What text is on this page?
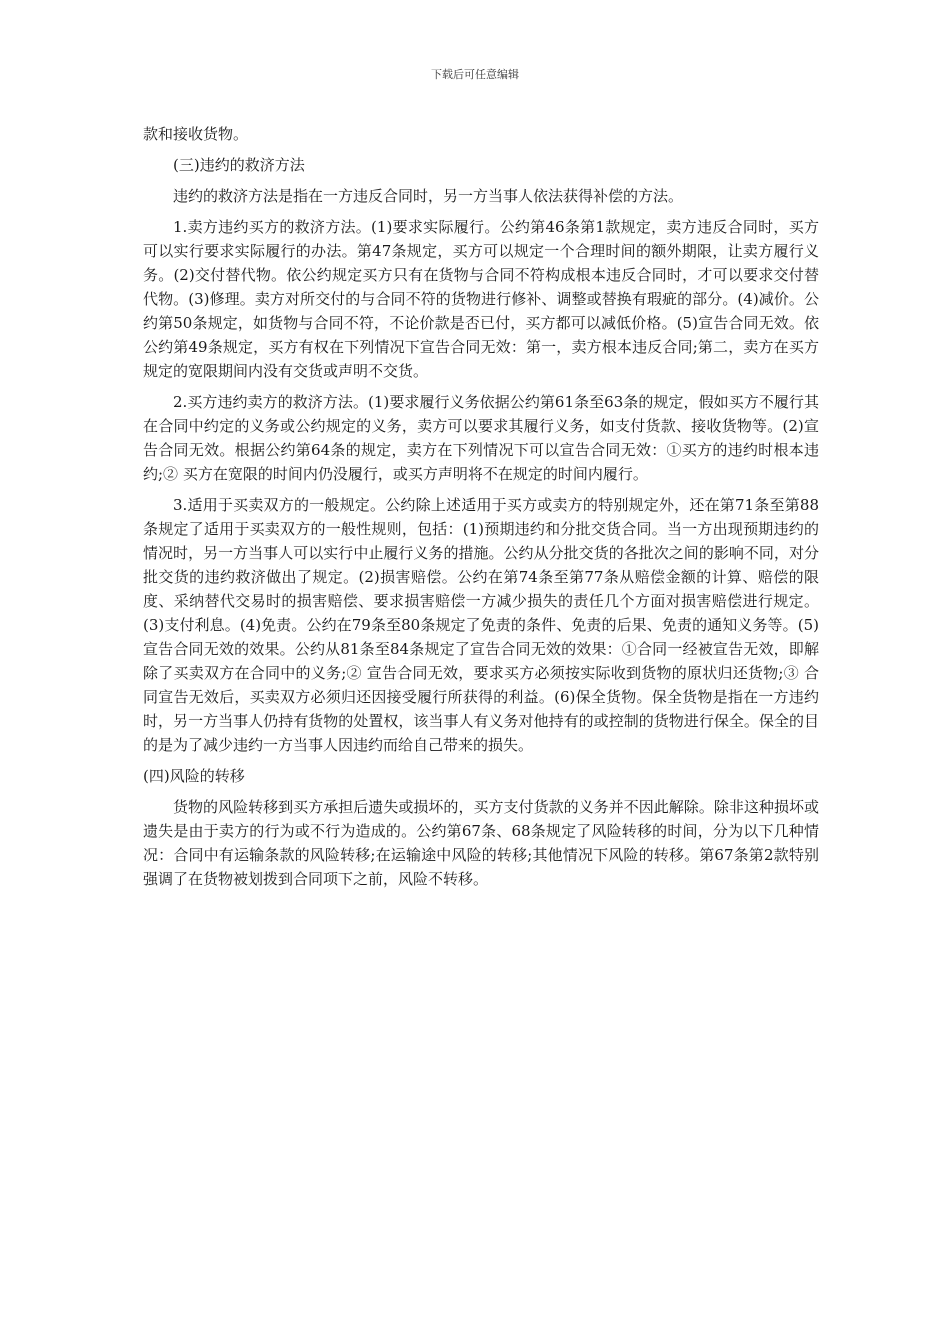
下载后可任意编辑

款和接收货物。

(三)违约的救济方法

违约的救济方法是指在一方违反合同时，另一方当事人依法获得补偿的方法。

1.卖方违约买方的救济方法。(1)要求实际履行。公约第46条第1款规定，卖方违反合同时，买方可以实行要求实际履行的办法。第47条规定，买方可以规定一个合理时间的额外期限，让卖方履行义务。(2)交付替代物。依公约规定买方只有在货物与合同不符构成根本违反合同时，才可以要求交付替代物。(3)修理。卖方对所交付的与合同不符的货物进行修补、调整或替换有瑕疵的部分。(4)减价。公约第50条规定，如货物与合同不符，不论价款是否已付，买方都可以减低价格。(5)宣告合同无效。依公约第49条规定，买方有权在下列情况下宣告合同无效：第一，卖方根本违反合同;第二，卖方在买方规定的宽限期间内没有交货或声明不交货。

2.买方违约卖方的救济方法。(1)要求履行义务依据公约第61条至63条的规定，假如买方不履行其在合同中约定的义务或公约规定的义务，卖方可以要求其履行义务，如支付货款、接收货物等。(2)宣告合同无效。根据公约第64条的规定，卖方在下列情况下可以宣告合同无效：①买方的违约时根本违约;② 买方在宽限的时间内仍没履行，或买方声明将不在规定的时间内履行。

3.适用于买卖双方的一般规定。公约除上述适用于买方或卖方的特别规定外，还在第71条至第88条规定了适用于买卖双方的一般性规则，包括：(1)预期违约和分批交货合同。当一方出现预期违约的情况时，另一方当事人可以实行中止履行义务的措施。公约从分批交货的各批次之间的影响不同，对分批交货的违约救济做出了规定。(2)损害赔偿。公约在第74条至第77条从赔偿金额的计算、赔偿的限度、采纳替代交易时的损害赔偿、要求损害赔偿一方减少损失的责任几个方面对损害赔偿进行规定。(3)支付利息。(4)免责。公约在79条至80条规定了免责的条件、免责的后果、免责的通知义务等。(5)宣告合同无效的效果。公约从81条至84条规定了宣告合同无效的效果：①合同一经被宣告无效，即解除了买卖双方在合同中的义务;② 宣告合同无效，要求买方必须按实际收到货物的原状归还货物;③ 合同宣告无效后，买卖双方必须归还因接受履行所获得的利益。(6)保全货物。保全货物是指在一方违约时，另一方当事人仍持有货物的处置权，该当事人有义务对他持有的或控制的货物进行保全。保全的目的是为了减少违约一方当事人因违约而给自己带来的损失。

(四)风险的转移

货物的风险转移到买方承担后遗失或损坏的，买方支付货款的义务并不因此解除。除非这种损坏或遗失是由于卖方的行为或不行为造成的。公约第67条、68条规定了风险转移的时间，分为以下几种情况：合同中有运输条款的风险转移;在运输途中风险的转移;其他情况下风险的转移。第67条第2款特别强调了在货物被划拨到合同项下之前，风险不转移。
